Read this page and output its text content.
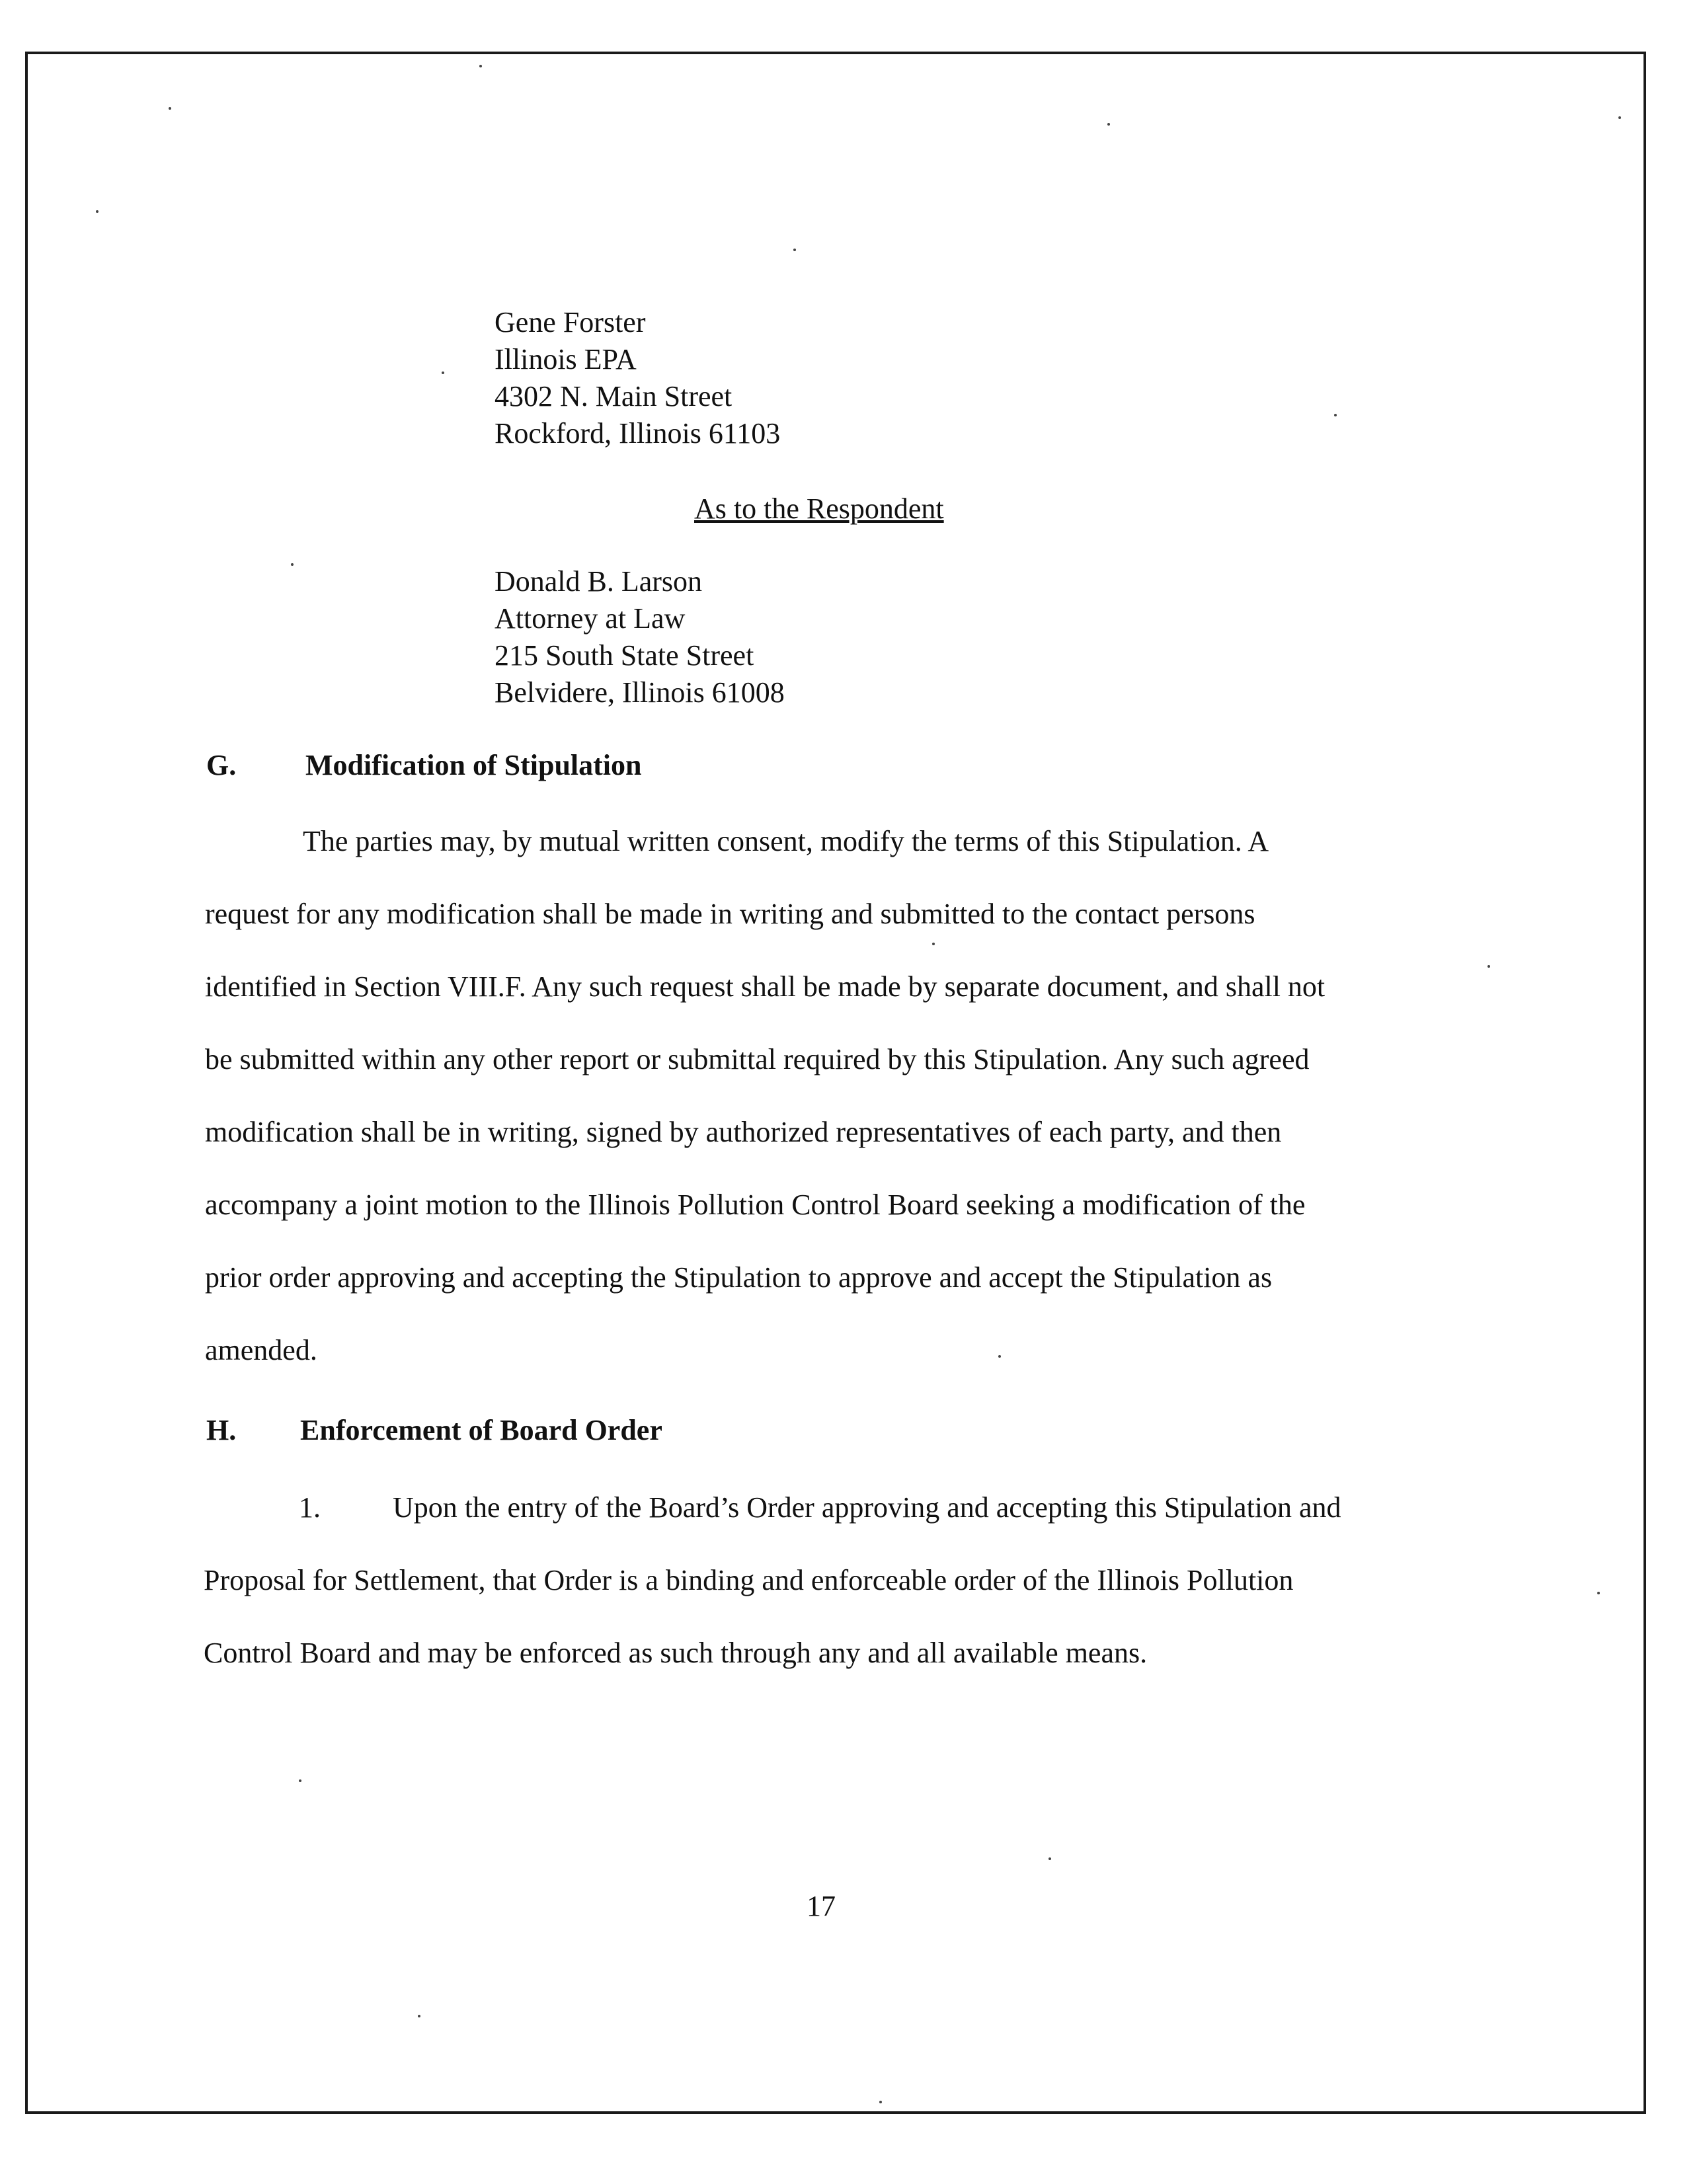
Gene Forster
Illinois EPA
4302 N. Main Street
Rockford, Illinois 61103
As to the Respondent
Donald B. Larson
Attorney at Law
215 South State Street
Belvidere, Illinois 61008
G. Modification of Stipulation
The parties may, by mutual written consent, modify the terms of this Stipulation. A
request for any modification shall be made in writing and submitted to the contact persons
identified in Section VIII.F. Any such request shall be made by separate document, and shall not
be submitted within any other report or submittal required by this Stipulation. Any such agreed
modification shall be in writing, signed by authorized representatives of each party, and then
accompany a joint motion to the Illinois Pollution Control Board seeking a modification of the
prior order approving and accepting the Stipulation to approve and accept the Stipulation as
amended.
H. Enforcement of Board Order
1. Upon the entry of the Board’s Order approving and accepting this Stipulation and
Proposal for Settlement, that Order is a binding and enforceable order of the Illinois Pollution
Control Board and may be enforced as such through any and all available means.
17
